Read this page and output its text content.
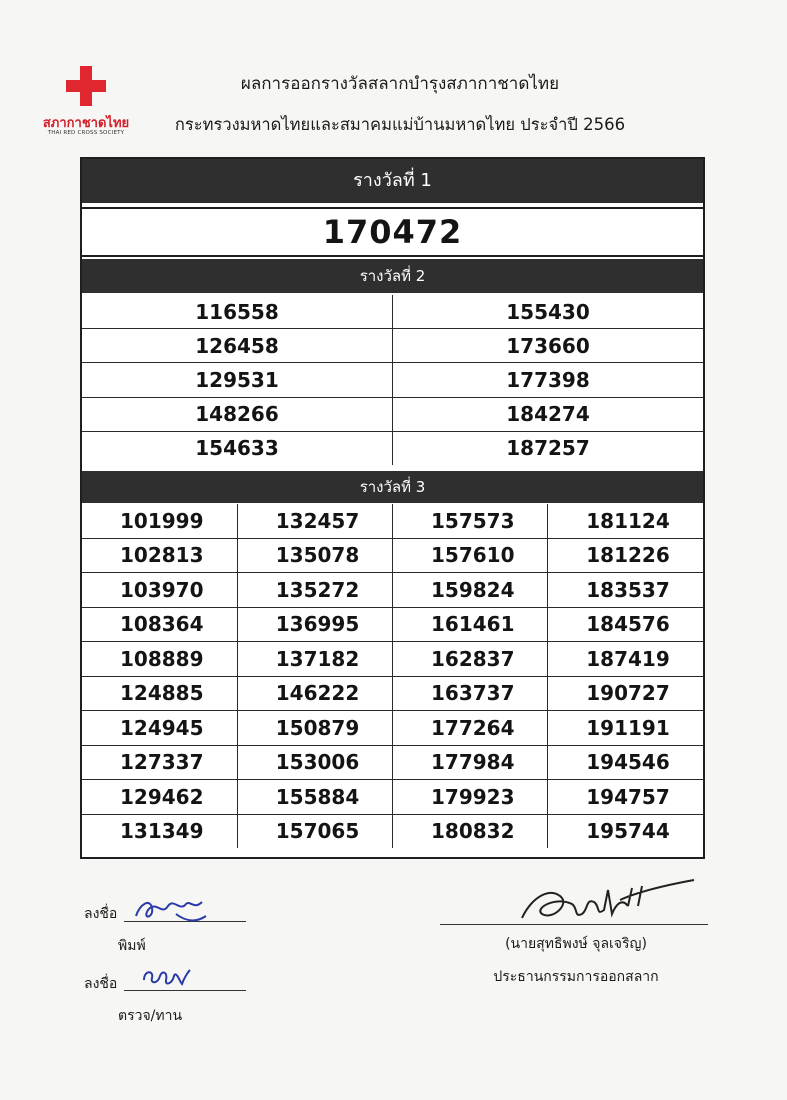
สภากาชาดไทย
THAI RED CROSS SOCIETY
ผลการออกรางวัลสลากบำรุงสภากาชาดไทย
กระทรวงมหาดไทยและสมาคมแม่บ้านมหาดไทย ประจำปี 2566
รางวัลที่ 1
170472
รางวัลที่ 2
116558	155430
126458	173660
129531	177398
148266	184274
154633	187257
รางวัลที่ 3
101999	132457	157573	181124
102813	135078	157610	181226
103970	135272	159824	183537
108364	136995	161461	184576
108889	137182	162837	187419
124885	146222	163737	190727
124945	150879	177264	191191
127337	153006	177984	194546
129462	155884	179923	194757
131349	157065	180832	195744
ลงชื่อ
พิมพ์
ลงชื่อ
ตรวจ/ทาน
(นายสุทธิพงษ์ จุลเจริญ)
ประธานกรรมการออกสลาก
